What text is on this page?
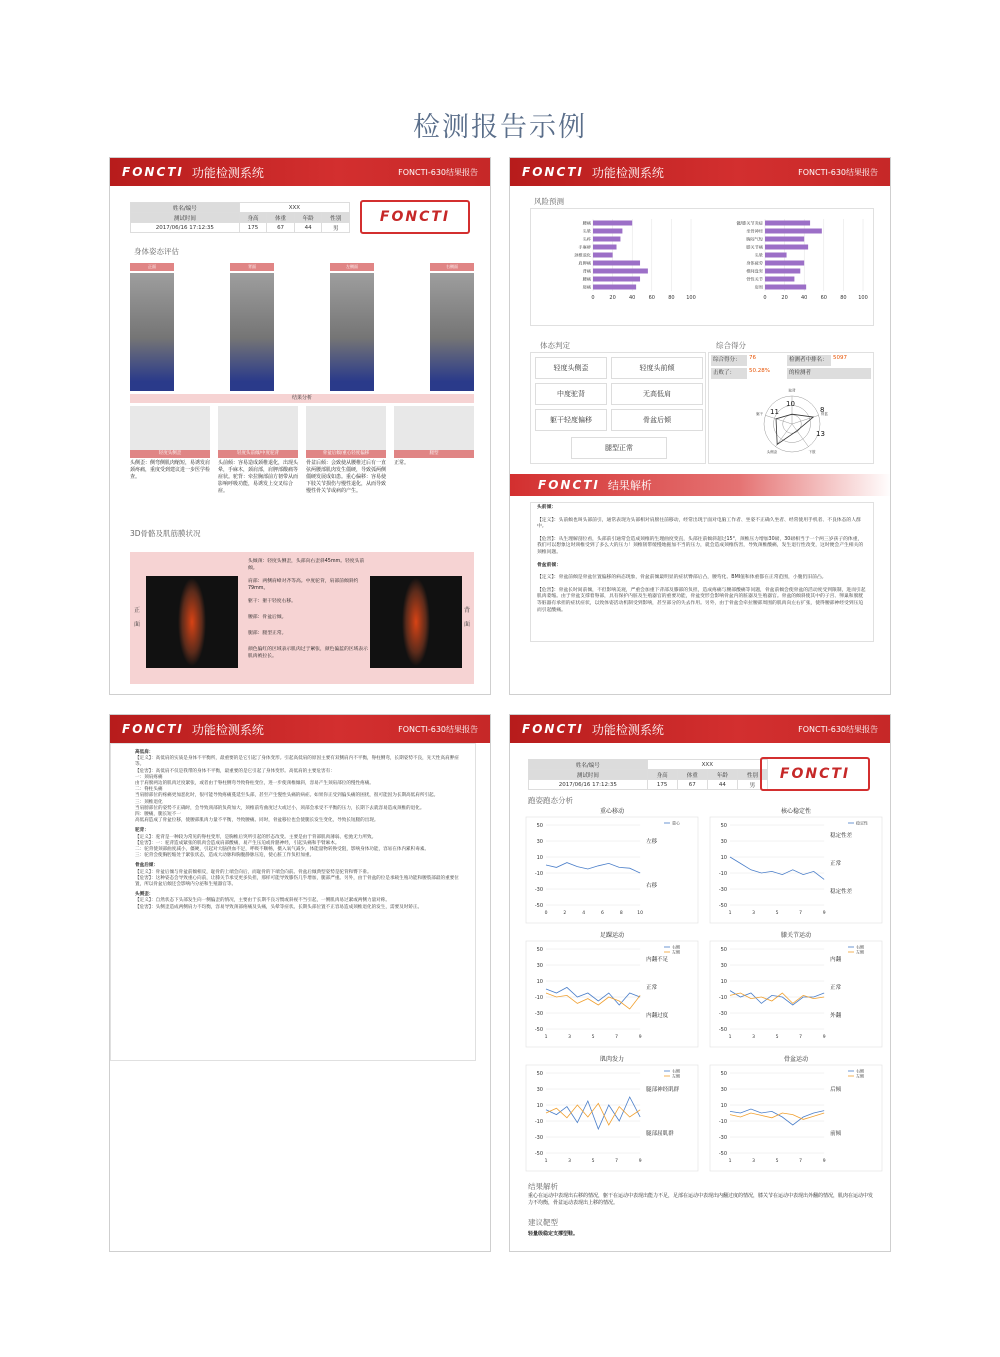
检测报告示例
FONCTI 功能检测系统	FONCTI-630结果报告
姓名/编号	XXX			
测试时间	身高	体重	年龄	性别
2017/06/16 17:12:35	175	67	44	男
FONCTI
身体姿态评估
正面	背面	左侧面	右侧面
结果分析
轻度头侧歪
头侧歪：侧弯侧肌肉缩短，易诱发肩颈疼痛，重度受到建议进一步医学检查。
轻度头前倾/中度驼背
头前倾：容易造成颈椎退化，出现头晕，手麻木，颈肩部，肩胛部酸痛等症状。驼背：牵拉胸部前方韧带从而影响呼吸功能，易诱发上交叉综合症。
骨盆后倾/重心轻度偏移
骨盆后倾：会致使从腰椎过后有一直弦两腰部肌肉发生僵硬，导致弧两侧僵硬发展成如患。重心偏移：容易使下肢关节损伤与慢性退化，从而导致慢性骨关节或病的产生。
腿型
正常。
3D骨骼及肌筋膜状况
正
面
头倾颈：轻度头侧歪，头部向右歪斜45mm。轻度头前倾。
肩部：两侧肩峰对齐等高。中度驼背，肩部前倾斜约79mm。
躯干：躯干轻度右移。
腰部：骨盆后倾。
腿部：腿型正常。
颜色偏红的区域表示肌肉过于紧张，颜色偏蓝的区域表示肌肉被拉长。
背
面
FONCTI 功能检测系统	FONCTI-630结果报告
风险预测
0	20	40	60	80 100
腰痛
头晕
头疼
手麻痹
颈椎退化
肩胛痛
背痛
腰痛
胫痛
0	20	40	60	80 100
髋/膝关节炎症
坐骨神经
胸闷气短
膝关节痛
头晕
身体疲劳
椎间盘突
骨性关节
肩周
体态判定
轻度头侧歪	轻度头前倾
中度驼背	无高低肩
躯干轻度偏移	骨盆后倾
腿型正常
综合得分
综合得分：	76	检测者中排名： 5097
击败了：	50.28%	的检测者
驼背
骨盆
下肢
头侧歪
躯干 11	8
13
10
FONCTI 结果解析
头前倾：
【定义】：头前倾也叫头部前引，通常表现为头部相对肩膀往前移动，经常出现于面对电脑工作者、坐姿不正确久坐者、经常使用手机者、不良体态的人群中。
【危害】：从生理解剖位看，头部前引通常会造成颈椎的生理曲度变直，头部往前倾斜超过15°，颈椎压力增加30磅，30磅相当于一个两三岁孩子的体重，我们可以想象这时颈椎受到了多么大的压力！颈椎韧带缓慢地拖加不当的压力，就会造成颈椎伤害，导致颈椎酸痛，发生退行性改变，这时便会产生相关的颈椎问题。
骨盆前倾：
【定义】：骨盆前倾是骨盆位置偏移的病态现象，骨盆前倾最明显的症状臀部后凸，腰弯化、BMI值和体重都在正常范围，小腹仍旧前凸。
【危害】：骨盆长时间前倾，不但影响美观，严重会加重下背部及膝部的负担，造成疼痛与腰部酸痛等问题，骨盆前倾会使骨盆的活动度受到限制，进而引起肌肉萎缩。由于骨盆支撑着脊部，具有保护内脏及生殖器官的重要功能，骨盆变形会影响骨盆内的脏器及生殖器官。骨盆的倾斜使其中的子宫、卵巢和膀胱等脏器有承担的症状症状，以致体姿活动机制受到影响，甚至部分的失去作用。另外，由于骨盆会牵拉腰部周围的肌肉向左右扩张，使得腰部神经受到压迫而引起酸痛。
FONCTI 功能检测系统	FONCTI-630结果报告
高低肩：
【定义】：高低肩的实质是身体不平衡所，最重要的是它引起了身体变形。引起高低肩的原因主要有双侧肩内不平衡，脊柱侧弯，长期姿势不良，先天性高肩胛症等。
【危害】：高低肩不仅是我带的身体不平衡，最重要的是它引起了身体变形。高低肩的主要危害有：
一：颈肩疼痛
由于肩膀两边的肌肉过度紧张，或者由于脊柱侧弯导致脊柱变位，进一步使颈椎倾斜，容易产生颈肩部位的慢性疼痛。
二：脊柱头痛
当肩膀部位的疼痛更加恶化时，很可能导致疼痛蔓延至头部，甚至产生慢性头痛的病症。如果你正受到偏头痛的困扰，很可能因为长期高低肩所引起。
三：颈椎退化
当肩膀部位的姿势不正确时，会导致颈部的负荷加大，颈椎前弯曲度过大或过小，颈部会承受不平衡的压力，长期下去就容易造成颈椎的退化。
四：腰痛，腿长短不一
高低肩造成了骨盆位移，使腰部肌肉力量不平衡，导致腰痛。同时，骨盆移位也会使腿长发生变化，导致长短腿的出现。
驼背：
【定义】：驼背是一种较为常见的脊柱变形，是胸椎后突所引起的形态改变。主要是由于背部肌肉薄弱、松弛无力所致。
【危害】：一：驼背造成紧张的肌肉会造成肩部酸痛，易产生压迫或骨骼神经，引起头痛和手臂麻木。
二：驼背使颈部曲度减小，僵硬，引起对大脑供血不足，呼吸不顺畅，摄入氧气减少，体能量物转换受阻，影响身体功能，容易在体内累积毒素。
三：驼背会使胸腔缩处于紧张状态，造成大动脉和胸腹静脉压迫，使心脏工作负担加重。
骨盆后倾：
【定义】：骨盆后倾与骨盆前倾相反，耻骨的上端会向后，而耻骨的下端会向前。骨盆后倾典型姿势是驼背和臀下垂。
【危害】：这种姿态会导致重心向前，让膝关节承受更多负担，那样可能导致膝伤几乎增加，腿部严重。另外，由于骨盆的位是承载生殖功能和腰肢部最的重要位置，所以骨盆后倾还会影响内分泌和生殖器官等。
头侧歪：
【定义】：自然状态下头部发生向一侧偏歪的情况，主要由于长期不良习惯或斜视不当引起，一侧肌肉易过紧或两侧力量对称。
【危害】：头侧歪造成两侧肩力不均衡，容易导致颈部疼痛及头痛，头晕等症状。长期头部位置不正容易造成颈椎退化的发生，需要及时矫正。
FONCTI 功能检测系统	FONCTI-630结果报告
姓名/编号	XXX			
测试时间	身高	体重	年龄	性别
2017/06/16 17:12:35	175	67	44	男
FONCTI
跑姿跑态分析
重心移动
50
30
10
-10
-30
-50
0	2	4	6	8	10
重心
左移
右移
核心稳定性
50
30
10
-10
-30
-50
1	3	5	7	9
稳定性
稳定性差
正常
稳定性差
足踝运动
50
30
10
-10
-30
-50
1	3	5	7	9
右侧
左侧
内翻不足
正常
内翻过度
膝关节运动
50
30
10
-10
-30
-50
1	3	5	7	9
右侧
左侧
内翻
正常
外翻
肌肉发力
50
30
10
-10
-30
-50
1	3	5	7	9
右侧
左侧
腿部神经肌群
腿部屈肌群
骨盆运动
50
30
10
-10
-30
-50
1	3	5	7	9
右侧
左侧
后倾
前倾
结果解析
重心在运动中表现出右移的情况，躯干在运动中表现出能力不足，足部在运动中表现出内翻过度的情况，膝关节在运动中表现出外翻的情况，肌肉在运动中发力不均衡，骨盆运动表现出上移的情况。
建议靶型
轻量级稳定支撑型鞋。
